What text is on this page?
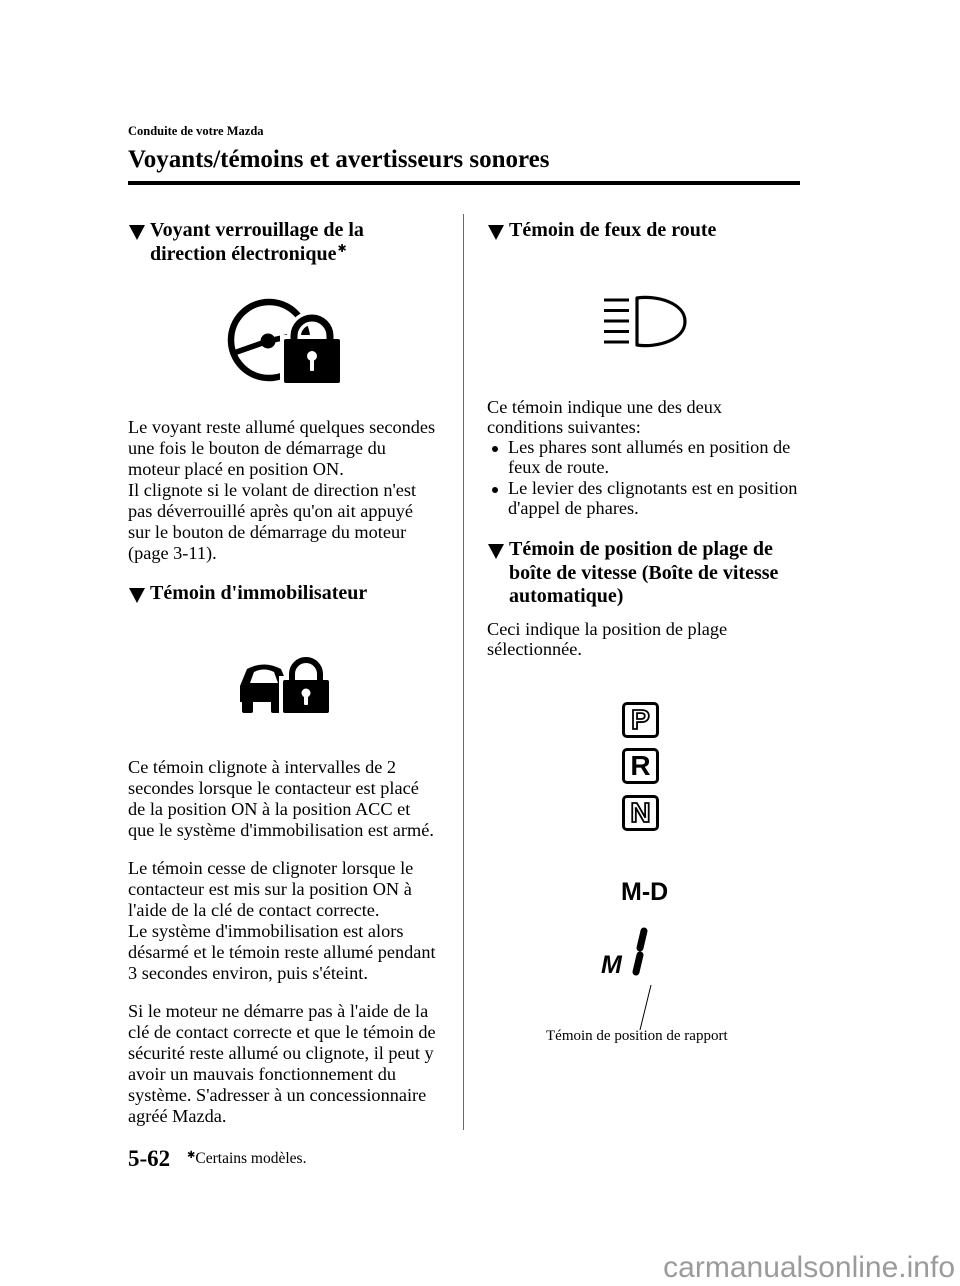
Conduite de votre Mazda
Voyants/témoins et avertisseurs sonores
Voyant verrouillage de la
direction électronique✱
Le voyant reste allumé quelques secondes
une fois le bouton de démarrage du
moteur placé en position ON.
Il clignote si le volant de direction n'est
pas déverrouillé après qu'on ait appuyé
sur le bouton de démarrage du moteur
(page 3-11).
Témoin d'immobilisateur
Ce témoin clignote à intervalles de 2
secondes lorsque le contacteur est placé
de la position ON à la position ACC et
que le système d'immobilisation est armé.
Le témoin cesse de clignoter lorsque le
contacteur est mis sur la position ON à
l'aide de la clé de contact correcte.
Le système d'immobilisation est alors
désarmé et le témoin reste allumé pendant
3 secondes environ, puis s'éteint.
Si le moteur ne démarre pas à l'aide de la
clé de contact correcte et que le témoin de
sécurité reste allumé ou clignote, il peut y
avoir un mauvais fonctionnement du
système. S'adresser à un concessionnaire
agréé Mazda.
Témoin de feux de route
Ce témoin indique une des deux
conditions suivantes:
Les phares sont allumés en position de
feux de route.
Le levier des clignotants est en position
d'appel de phares.
Témoin de position de plage de
boîte de vitesse (Boîte de vitesse
automatique)
Ceci indique la position de plage
sélectionnée.
P
R
N
M-D
M
Témoin de position de rapport
5-62 ✱Certains modèles.
carmanualsonline.info
